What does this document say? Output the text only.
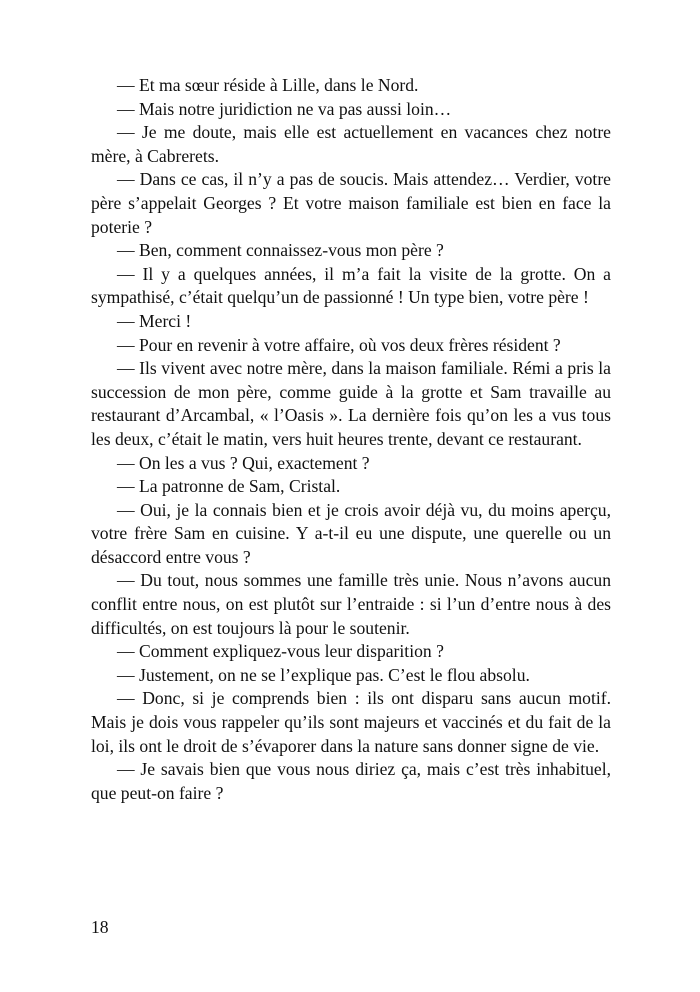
— Et ma sœur réside à Lille, dans le Nord.

— Mais notre juridiction ne va pas aussi loin…

— Je me doute, mais elle est actuellement en vacances chez notre mère, à Cabrerets.

— Dans ce cas, il n’y a pas de soucis. Mais attendez… Verdier, votre père s’appelait Georges ? Et votre maison familiale est bien en face la poterie ?

— Ben, comment connaissez-vous mon père ?

— Il y a quelques années, il m’a fait la visite de la grotte. On a sympathisé, c’était quelqu’un de passionné ! Un type bien, votre père !

— Merci !

— Pour en revenir à votre affaire, où vos deux frères résident ?

— Ils vivent avec notre mère, dans la maison familiale. Rémi a pris la succession de mon père, comme guide à la grotte et Sam travaille au restaurant d’Arcambal, « l’Oasis ». La dernière fois qu’on les a vus tous les deux, c’était le matin, vers huit heures trente, devant ce restaurant.

— On les a vus ? Qui, exactement ?

— La patronne de Sam, Cristal.

— Oui, je la connais bien et je crois avoir déjà vu, du moins aperçu, votre frère Sam en cuisine. Y a-t-il eu une dispute, une querelle ou un désaccord entre vous ?

— Du tout, nous sommes une famille très unie. Nous n’avons aucun conflit entre nous, on est plutôt sur l’entraide : si l’un d’entre nous à des difficultés, on est toujours là pour le soutenir.

— Comment expliquez-vous leur disparition ?

— Justement, on ne se l’explique pas. C’est le flou absolu.

— Donc, si je comprends bien : ils ont disparu sans aucun motif. Mais je dois vous rappeler qu’ils sont majeurs et vaccinés et du fait de la loi, ils ont le droit de s’évaporer dans la nature sans donner signe de vie.

— Je savais bien que vous nous diriez ça, mais c’est très inhabituel, que peut-on faire ?

18
